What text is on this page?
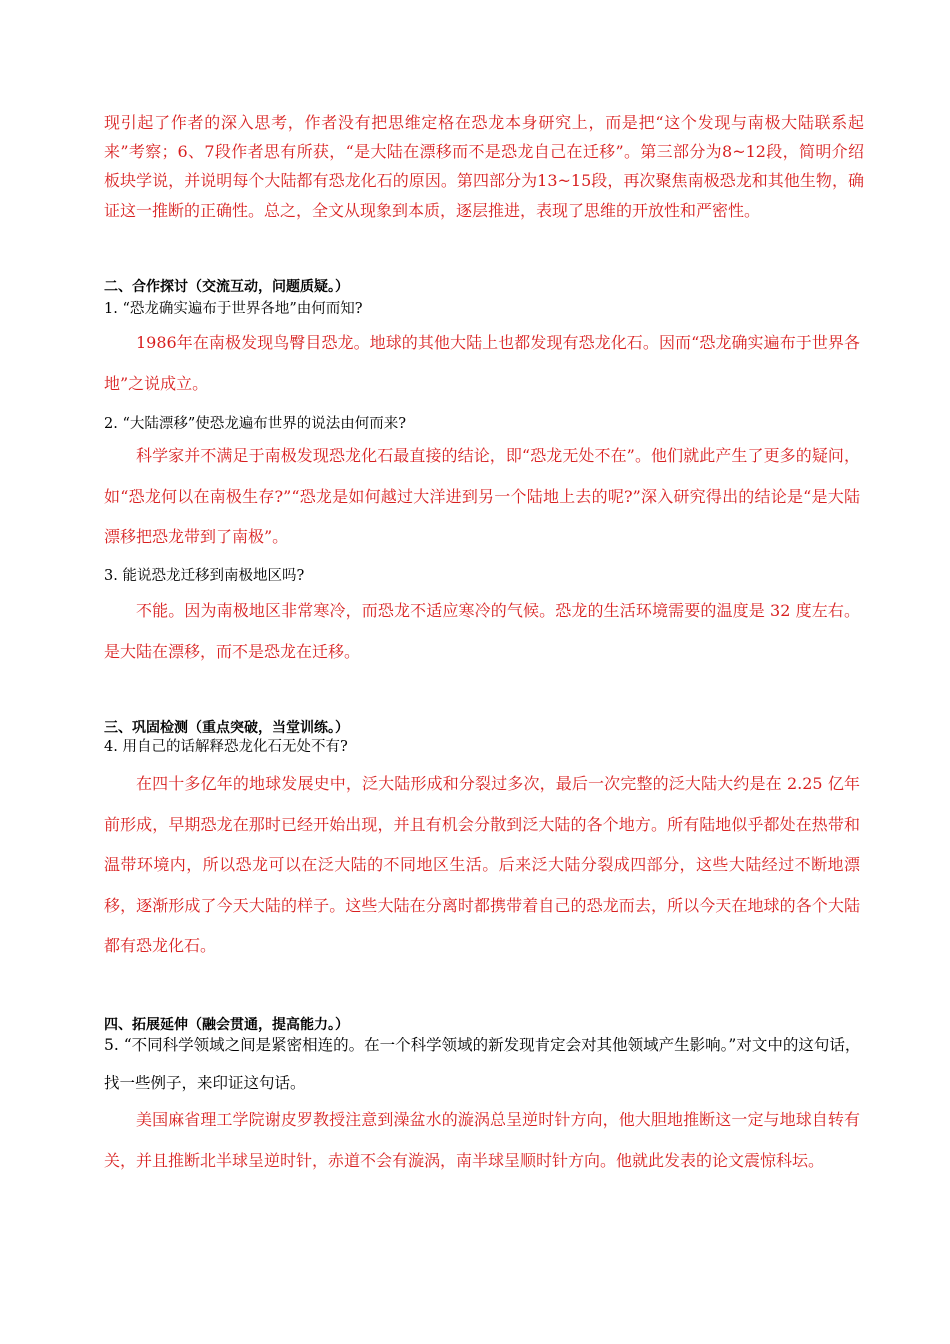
现引起了作者的深入思考，作者没有把思维定格在恐龙本身研究上，而是把“这个发现与南极大陆联系起来”考察；6、7段作者思有所获，“是大陆在漂移而不是恐龙自己在迁移”。第三部分为8~12段，简明介绍板块学说，并说明每个大陆都有恐龙化石的原因。第四部分为13~15段，再次聚焦南极恐龙和其他生物，确证这一推断的正确性。总之，全文从现象到本质，逐层推进，表现了思维的开放性和严密性。
二、合作探讨（交流互动，问题质疑。）
1. “恐龙确实遍布于世界各地”由何而知?
1986年在南极发现鸟臀目恐龙。地球的其他大陆上也都发现有恐龙化石。因而“恐龙确实遍布于世界各地”之说成立。
2. “大陆漂移”使恐龙遍布世界的说法由何而来?
科学家并不满足于南极发现恐龙化石最直接的结论，即“恐龙无处不在”。他们就此产生了更多的疑问，如“恐龙何以在南极生存?”“恐龙是如何越过大洋进到另一个陆地上去的呢?”深入研究得出的结论是“是大陆漂移把恐龙带到了南极”。
3. 能说恐龙迁移到南极地区吗?
不能。因为南极地区非常寒冷，而恐龙不适应寒冷的气候。恐龙的生活环境需要的温度是 32 度左右。是大陆在漂移，而不是恐龙在迁移。
三、巩固检测（重点突破，当堂训练。）
4. 用自己的话解释恐龙化石无处不有?
在四十多亿年的地球发展史中，泛大陆形成和分裂过多次，最后一次完整的泛大陆大约是在 2.25 亿年前形成，早期恐龙在那时已经开始出现，并且有机会分散到泛大陆的各个地方。所有陆地似乎都处在热带和温带环境内，所以恐龙可以在泛大陆的不同地区生活。后来泛大陆分裂成四部分，这些大陆经过不断地漂移，逐渐形成了今天大陆的样子。这些大陆在分离时都携带着自己的恐龙而去，所以今天在地球的各个大陆都有恐龙化石。
四、拓展延伸（融会贯通，提高能力。）
5. “不同科学领域之间是紧密相连的。在一个科学领域的新发现肯定会对其他领域产生影响。”对文中的这句话，找一些例子，来印证这句话。
美国麻省理工学院谢皮罗教授注意到澡盆水的漩涡总呈逆时针方向，他大胆地推断这一定与地球自转有关，并且推断北半球呈逆时针，赤道不会有漩涡，南半球呈顺时针方向。他就此发表的论文震惊科坛。
